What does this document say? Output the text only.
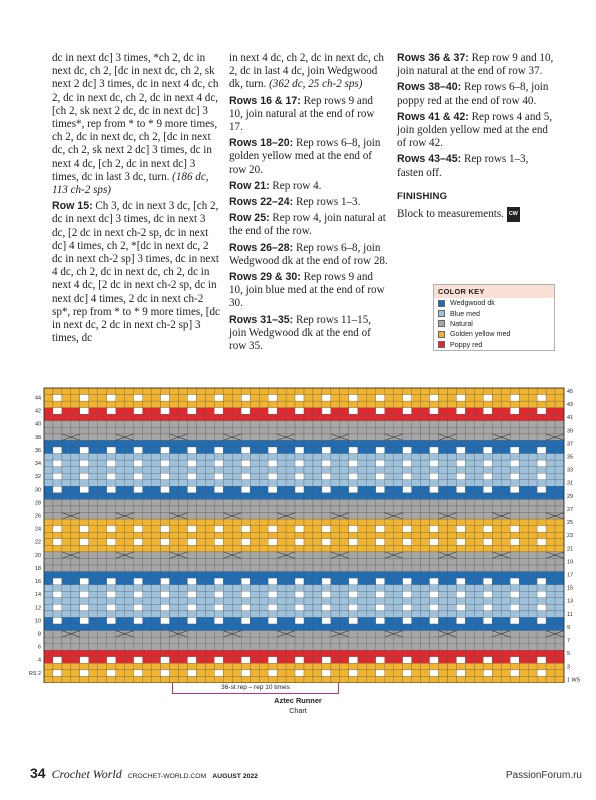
dc in next dc] 3 times, *ch 2, dc in next dc, ch 2, [dc in next dc, ch 2, sk next 2 dc] 3 times, dc in next 4 dc, ch 2, dc in next dc, ch 2, dc in next 4 dc, [ch 2, sk next 2 dc, dc in next dc] 3 times*, rep from * to * 9 more times, ch 2, dc in next dc, ch 2, [dc in next dc, ch 2, sk next 2 dc] 3 times, dc in next 4 dc, [ch 2, dc in next dc] 3 times, dc in last 3 dc, turn. (186 dc, 113 ch-2 sps)

Row 15: Ch 3, dc in next 3 dc, [ch 2, dc in next dc] 3 times, dc in next 3 dc, [2 dc in next ch-2 sp, dc in next dc] 4 times, ch 2, *[dc in next dc, 2 dc in next ch-2 sp] 3 times, dc in next 4 dc, ch 2, dc in next dc, ch 2, dc in next 4 dc, [2 dc in next ch-2 sp, dc in next dc] 4 times, 2 dc in next ch-2 sp*, rep from * to * 9 more times, [dc in next dc, 2 dc in next ch-2 sp] 3 times, dc

in next 4 dc, ch 2, dc in next dc, ch 2, dc in last 4 dc, join Wedgwood dk, turn. (362 dc, 25 ch-2 sps)

Rows 16 & 17: Rep rows 9 and 10, join natural at the end of row 17.

Rows 18–20: Rep rows 6–8, join golden yellow med at the end of row 20.

Row 21: Rep row 4.

Rows 22–24: Rep rows 1–3.

Row 25: Rep row 4, join natural at the end of the row.

Rows 26–28: Rep rows 6–8, join Wedgwood dk at the end of row 28.

Rows 29 & 30: Rep rows 9 and 10, join blue med at the end of row 30.

Rows 31–35: Rep rows 11–15, join Wedgwood dk at the end of row 35.

Rows 36 & 37: Rep row 9 and 10, join natural at the end of row 37.

Rows 38–40: Rep rows 6–8, join poppy red at the end of row 40.

Rows 41 & 42: Rep rows 4 and 5, join golden yellow med at the end of row 42.

Rows 43–45: Rep rows 1–3, fasten off.

FINISHING

Block to measurements. CW

COLOR KEY
Wedgwood dk
Blue med
Natural
Golden yellow med
Poppy red
44
42
40
38
36
34
32
30
28
26
24
22
20
18
16
14
12
10
8
6
4
RS 2
45
43
41
39
37
35
33
31
29
27
25
23
21
19
17
15
13
11
9
7
5
3
1 WS
36-st rep – rep 10 times
Aztec Runner
Chart
34 Crochet World CROCHET-WORLD.COM AUGUST 2022	PassionForum.ru
